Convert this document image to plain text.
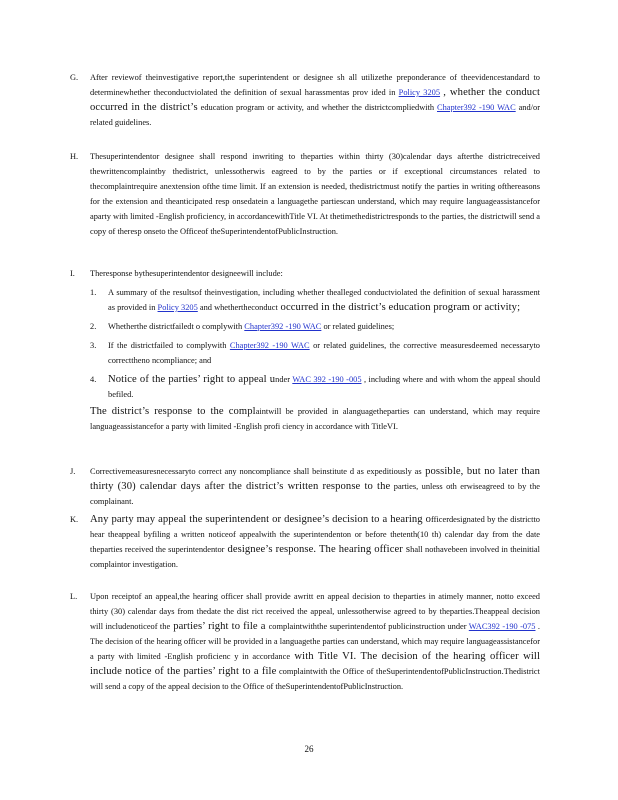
G. After reviewof theinvestigative report,the superintendent or designee sh all utilizethe preponderance of theevidencestandard to determinewhether theconductviolated the definition of sexual harassmentas prov ided in Policy 3205 , whether the conduct occurred in the district’s education program or activity, and whether the districtcompliedwith Chapter392 -190 WAC and/or related guidelines.
H. Thesuperintendentor designee shall respond inwriting to theparties within thirty (30)calendar days afterthe districtreceived thewrittencomplaintby thedistrict, unlessotherwis eagreed to by the parties or if exceptional circumstances related to thecomplaintrequire anextension ofthe time limit. If an extension is needed, thedistrictmust notify the parties in writing ofthereasons for the extension and theanticipated resp onsedatein a languagethe partiescan understand, which may require languageassistancefor aparty with limited -English proficiency, in accordancewithTitle VI. At thetimethedistrictresponds to the parties, the districtwill send a copy of theresp onseto the Officeof theSuperintendentofPublicInstruction.
I. Theresponse bythesuperintendentor designeewill include:
1. A summary of the resultsof theinvestigation, including whether thealleged conductviolated the definition of sexual harassment as provided in Policy 3205 and whethertheconduct occurred in the district’s education program or activity;
2. Whetherthe districtfailedt o complywith Chapter392 -190 WAC or related guidelines;
3. If the districtfailed to complywith Chapter392 -190 WAC or related guidelines, the corrective measuresdeemed necessaryto correcttheno ncompliance; and
4. Notice of the parties’ right to appeal under WAC 392 -190 -005 , including where and with whom the appeal should befiled.
The district’s response to the complaintwill be provided in alanguagetheparties can understand, which may require languageassistancefor a party with limited -English profi ciency in accordance with TitleVI.
J. Correctivemeasuresnecessaryto correct any noncompliance shall beinstitute d as expeditiously as possible, but no later than thirty (30) calendar days after the district’s written response to the parties, unless oth erwiseagreed to by the complainant.
K. Any party may appeal the superintendent or designee’s decision to a hearing officerdesignated by the districtto hear theappeal byfiling a written noticeof appealwith the superintendenton or before thetenth(10 th) calendar day from the date theparties received the superintendentor designee’s response. The hearing officer shall nothavebeen involved in theinitial complaintor investigation.
L. Upon receiptof an appeal,the hearing officer shall provide awritt en appeal decision to theparties in atimely manner, notto exceed thirty (30) calendar days from thedate the dist rict received the appeal, unlessotherwise agreed to by theparties.Theappeal decision will includenoticeof the parties’ right to file a complaintwiththe superintendentof publicinstruction under WAC392 -190 -075 . The decision of the hearing officer will be provided in a languagethe parties can understand, which may require languageassistancefor a party with limited -English proficienc y in accordance with Title VI. The decision of the hearing officer will include notice of the parties’ right to a file complaintwith the Office of theSuperintendentofPublicInstruction.Thedistrict will send a copy of the appeal decision to the Office of theSuperintendentofPublicInstruction.
26
